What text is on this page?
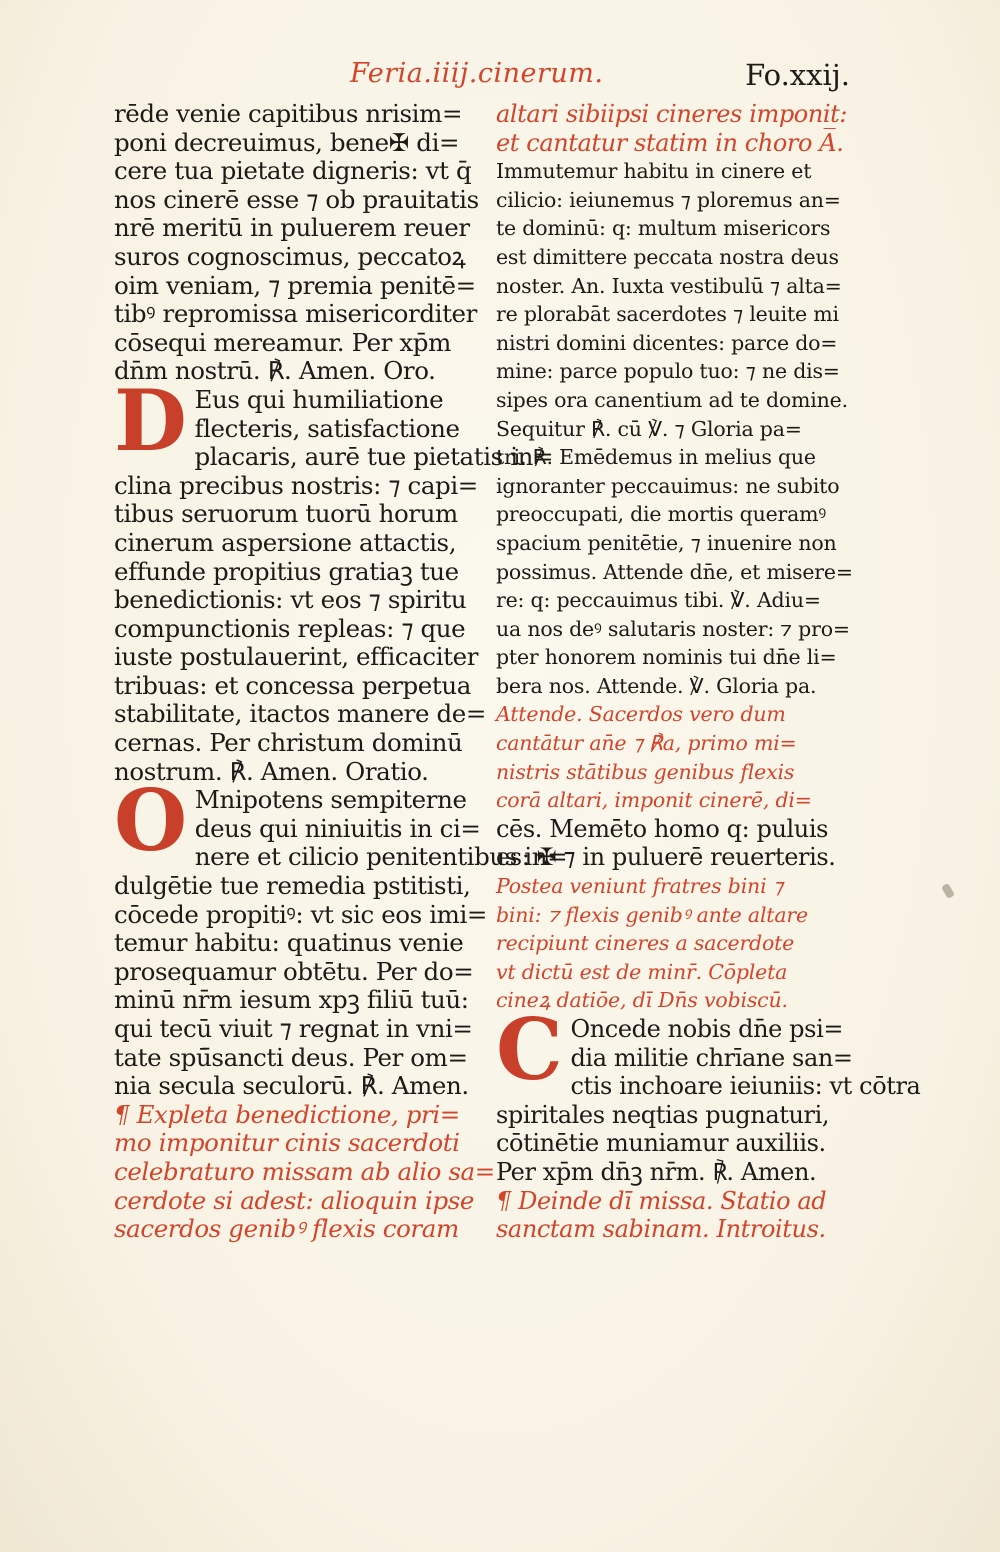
Feria.iiij.cinerum.	Fo.xxij.
rēde venie capitibus nrisim=
poni decreuimus, bene✠ di=
cere tua pietate digneris: vt q̄
nos cinerē esse ⁊ ob prauitatis
nrē meritū in puluerem reuer
suros cognoscimus, peccatoꝝ
oim veniam, ⁊ premia penitē=
tibꝰ repromissa misericorditer
cōsequi mereamur. Per xp̄m
dn̄m nostrū. ℟. Amen. Oro.
D Eus qui humiliatione
flecteris, satisfactione
placaris, aurē tue pietatis in=
clina precibus nostris: ⁊ capi=
tibus seruorum tuorū horum
cinerum aspersione attactis,
effunde propitius gratiaꝫ tue
benedictionis: vt eos ⁊ spiritu
compunctionis repleas: ⁊ que
iuste postulauerint, efficaciter
tribuas: et concessa perpetua
stabilitate, itactos manere de=
cernas. Per christum dominū
nostrum. ℟. Amen. Oratio.
O Mnipotens sempiterne
deus qui niniuitis in ci=
nere et cilicio penitentibus in=
dulgētie tue remedia pstitisti,
cōcede propitiꝰ: vt sic eos imi=
temur habitu: quatinus venie
prosequamur obtētu. Per do=
minū nr̄m iesum xpꝫ filiū tuū:
qui tecū viuit ⁊ regnat in vni=
tate spū̄sancti deus. Per om=
nia secula seculorū. ℟. Amen.
¶ Expleta benedictione, pri=
mo imponitur cinis sacerdoti
celebraturo missam ab alio sa=
cerdote si adest: alioquin ipse
sacerdos genibꝰ flexis coram
altari sibiipsi cineres imponit:
et cantatur statim in choro A̅.
Immutemur habitu in cinere et
cilicio: ieiunemus ⁊ ploremus an=
te dominū: q: multum misericors
est dimittere peccata nostra deus
noster. An. Iuxta vestibulū ⁊ alta=
re plorabāt sacerdotes ⁊ leuite mi
nistri domini dicentes: parce do=
mine: parce populo tuo: ⁊ ne dis=
sipes ora canentium ad te domine.
Sequitur ℟. cū ℣. ⁊ Gloria pa=
tri. ℟. Emēdemus in melius que
ignoranter peccauimus: ne subito
preoccupati, die mortis queramꝰ
spacium penitētie, ⁊ inuenire non
possimus. Attende dn̄e, et misere=
re: q: peccauimus tibi. ℣. Adiu=
ua nos deꝰ salutaris noster: ⁊ pro=
pter honorem nominis tui dn̄e li=
bera nos. Attende. ℣. Gloria pa.
Attende. Sacerdos vero dum
cantātur an̄e ⁊ ℟a, primo mi=
nistris stātibus genibus flexis
corā altari, imponit cinerē, di=
cēs. Memēto homo q: puluis
es: ✠ ⁊ in puluerē reuerteris.
Postea veniunt fratres bini ⁊
bini: ⁊ flexis genibꝰ ante altare
recipiunt cineres a sacerdote
vt dictū est de minr̄. Cōpleta
cineꝝ datiōe, dī Dn̄s vobiscū.
C Oncede nobis dn̄e psi=
dia militie chrīane san=
ctis inchoare ieiuniis: vt cōtra
spiritales neqtias pugnaturi,
cōtinētie muniamur auxiliis.
Per xp̄m dn̄ꝫ nr̄m. ℟. Amen.
¶ Deinde dī missa. Statio ad
sanctam sabinam. Introitus.
